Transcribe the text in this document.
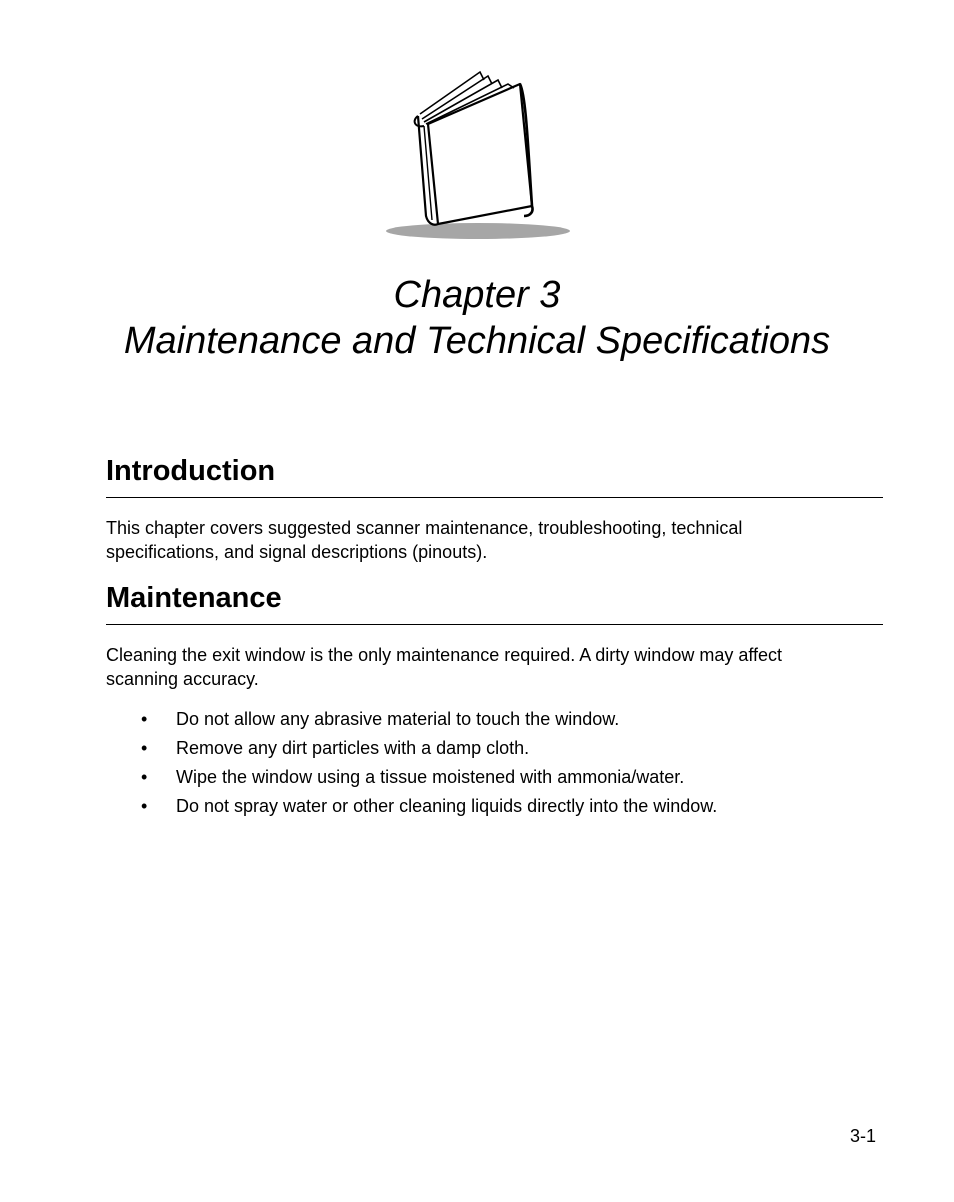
Chapter 3
Maintenance and Technical Specifications
Introduction

This chapter covers suggested scanner maintenance, troubleshooting, technical
specifications, and signal descriptions (pinouts).

Maintenance

Cleaning the exit window is the only maintenance required. A dirty window may affect
scanning accuracy.

• Do not allow any abrasive material to touch the window.
• Remove any dirt particles with a damp cloth.
• Wipe the window using a tissue moistened with ammonia/water.
• Do not spray water or other cleaning liquids directly into the window.
3-1
